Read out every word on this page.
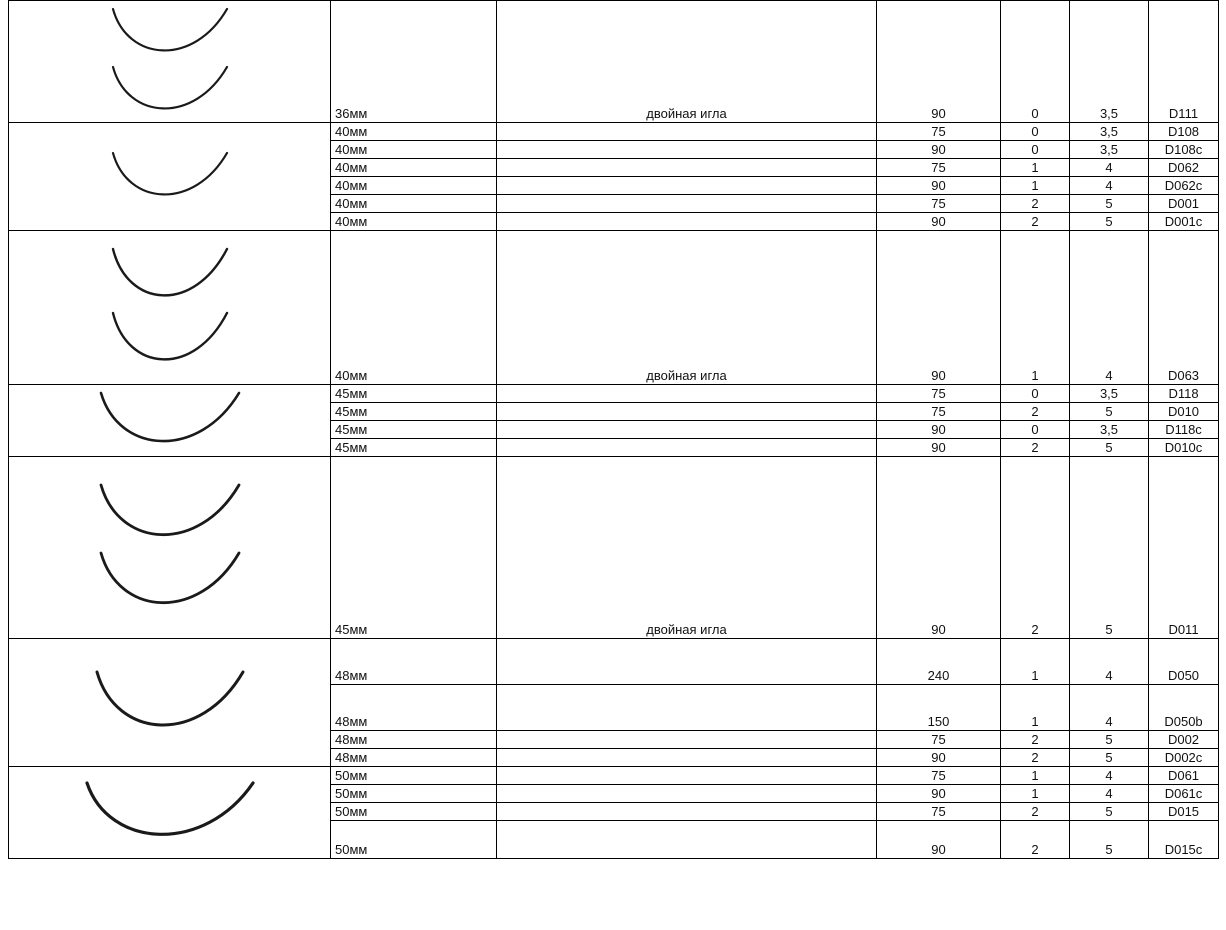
	36мм	двойная игла	90	0	3,5	D111

	40мм		75	0	3,5	D108
	40мм		90	0	3,5	D108c
	40мм		75	1	4	D062
	40мм		90	1	4	D062c
	40мм		75	2	5	D001
	40мм		90	2	5	D001c

	40мм	двойная игла	90	1	4	D063

	45мм		75	0	3,5	D118
	45мм		75	2	5	D010
	45мм		90	0	3,5	D118c
	45мм		90	2	5	D010c

	45мм	двойная игла	90	2	5	D011

	48мм		240	1	4	D050
	48мм		150	1	4	D050b
	48мм		75	2	5	D002
	48мм		90	2	5	D002c

	50мм		75	1	4	D061
	50мм		90	1	4	D061c
	50мм		75	2	5	D015
	50мм		90	2	5	D015c
